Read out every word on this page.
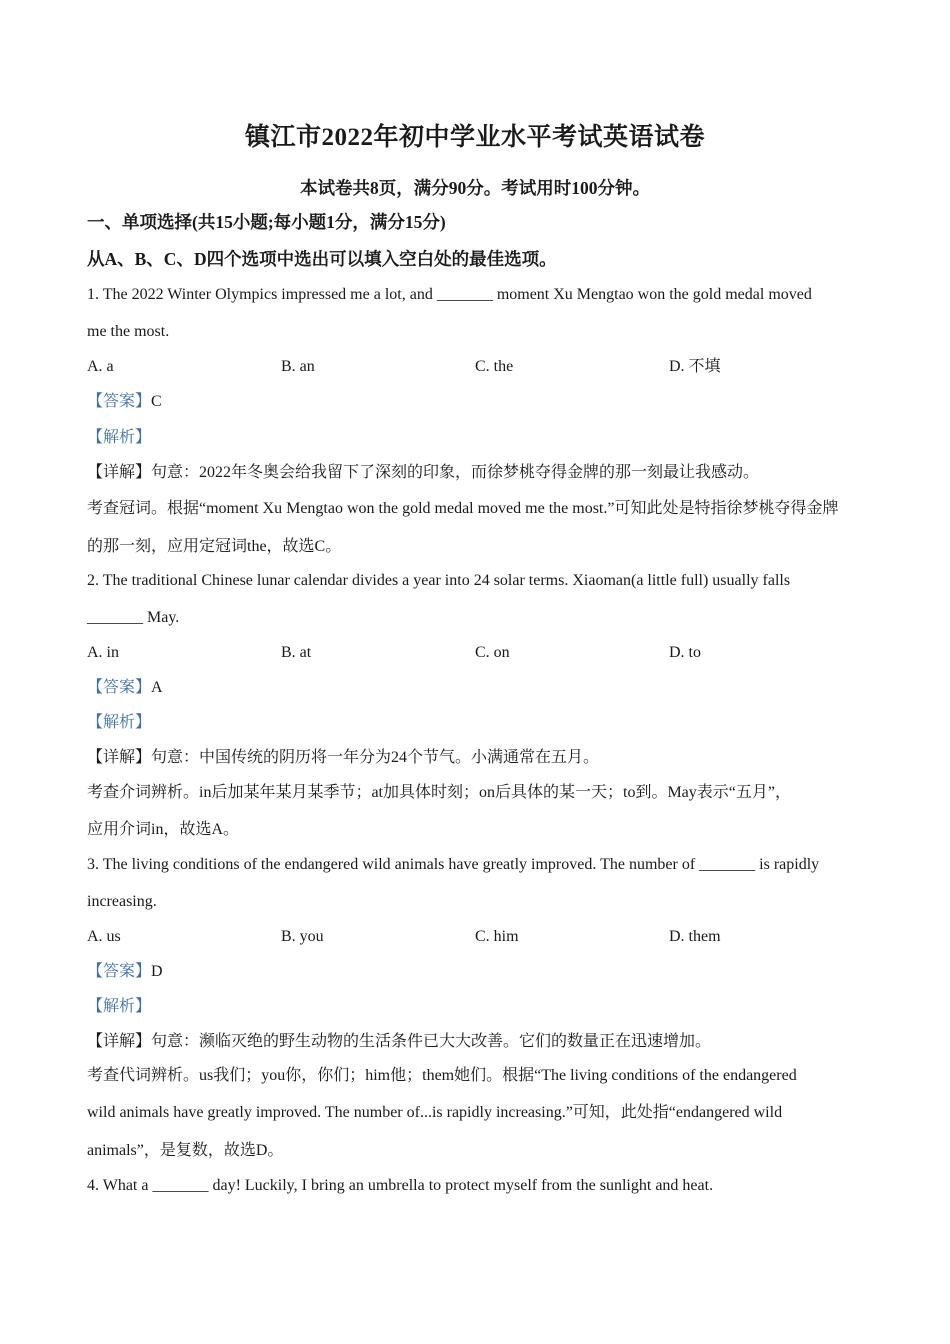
镇江市2022年初中学业水平考试英语试卷
本试卷共8页，满分90分。考试用时100分钟。
一、单项选择(共15小题;每小题1分，满分15分)
从A、B、C、D四个选项中选出可以填入空白处的最佳选项。
1. The 2022 Winter Olympics impressed me a lot, and _______ moment Xu Mengtao won the gold medal moved
me the most.
A. a	B. an	C. the	D. 不填
【答案】C
【解析】
【详解】句意：2022年冬奥会给我留下了深刻的印象，而徐梦桃夺得金牌的那一刻最让我感动。
考查冠词。根据“moment Xu Mengtao won the gold medal moved me the most.”可知此处是特指徐梦桃夺得金牌
的那一刻，应用定冠词the，故选C。
2. The traditional Chinese lunar calendar divides a year into 24 solar terms. Xiaoman(a little full) usually falls
_______ May.
A. in	B. at	C. on	D. to
【答案】A
【解析】
【详解】句意：中国传统的阴历将一年分为24个节气。小满通常在五月。
考查介词辨析。in后加某年某月某季节；at加具体时刻；on后具体的某一天；to到。May表示“五月”，
应用介词in，故选A。
3. The living conditions of the endangered wild animals have greatly improved. The number of _______ is rapidly
increasing.
A. us	B. you	C. him	D. them
【答案】D
【解析】
【详解】句意：濒临灭绝的野生动物的生活条件已大大改善。它们的数量正在迅速增加。
考查代词辨析。us我们；you你，你们；him他；them她们。根据“The living conditions of the endangered
wild animals have greatly improved. The number of...is rapidly increasing.”可知，此处指“endangered wild
animals”，是复数，故选D。
4. What a _______ day! Luckily, I bring an umbrella to protect myself from the sunlight and heat.
